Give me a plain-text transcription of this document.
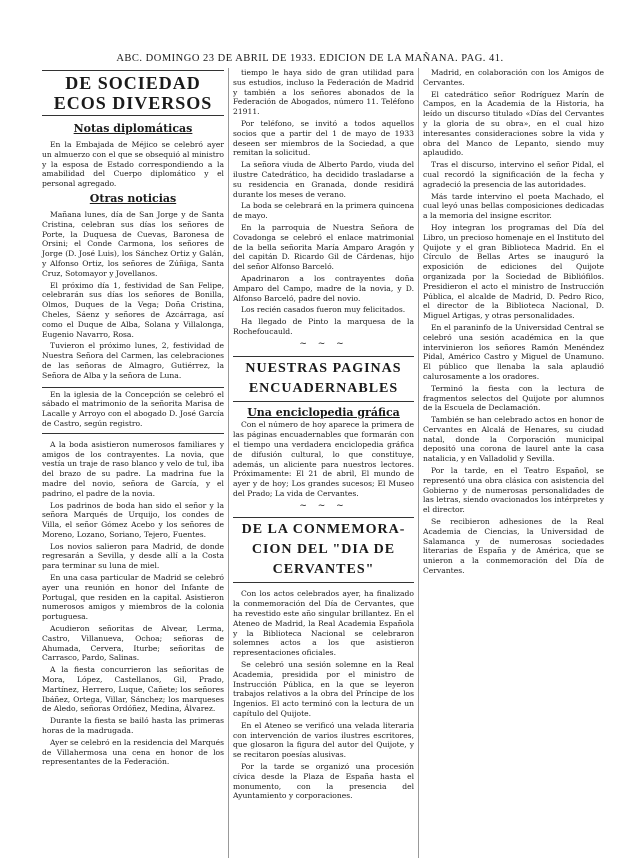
ABC. DOMINGO 23 DE ABRIL DE 1933. EDICION DE LA MAÑANA. PAG. 41.
DE SOCIEDAD
ECOS DIVERSOS
Notas diplomáticas

En la Embajada de Méjico se celebró ayer un almuerzo con el que se obsequió al ministro y la esposa de Estado correspondiendo a la amabilidad del Cuerpo diplomático y el personal agregado.

Otras noticias

Mañana lunes, día de San Jorge y de Santa Cristina, celebran sus días los señores de Porte, la Duquesa de Cuevas, Baronesa de Orsini; el Conde Carmona, los señores de Jorge (D. José Luis), los Sánchez Ortiz y Galán, y Alfonso Ortiz, los señores de Zúñiga, Santa Cruz, Sotomayor y Jovellanos.

El próximo día 1, festividad de San Felipe, celebrarán sus días los señores de Bonilla, Olmos, Duques de la Vega; Doña Cristina, Cheles, Sáenz y señores de Azcárraga, así como el Duque de Alba, Solana y Villalonga, Eugenio Navarro, Rosa.

Tuvieron el próximo lunes, 2, festividad de Nuestra Señora del Carmen, las celebraciones de las señoras de Almagro, Gutiérrez, la Señora de Alba y la señora de Luna.

En la iglesia de la Concepción se celebró el sábado el matrimonio de la señorita Marisa de Lacalle y Arroyo con el abogado D. José García de Castro, según registro.

A la boda asistieron numerosos familiares y amigos de los contrayentes. La novia, que vestía un traje de raso blanco y velo de tul, iba del brazo de su padre. La madrina fue la madre del novio, señora de García, y el padrino, el padre de la novia.

Los padrinos de boda han sido el señor y la señora Marqués de Urquijo, los condes de Villa, el señor Gómez Acebo y los señores de Moreno, Lozano, Soriano, Tejero, Fuentes.

Los novios salieron para Madrid, de donde regresarán a Sevilla, y desde allí a la Costa para terminar su luna de miel.

En una casa particular de Madrid se celebró ayer una reunión en honor del Infante de Portugal, que residen en la capital. Asistieron numerosos amigos y miembros de la colonia portuguesa.

Acudieron señoritas de Alvear, Lerma, Castro, Villanueva, Ochoa; señoras de Ahumada, Cervera, Iturbe; señoritas de Carrasco, Pardo, Salinas.

A la fiesta concurrieron las señoritas de Mora, López, Castellanos, Gil, Prado, Martínez, Herrero, Luque, Cañete; los señores Ibáñez, Ortega, Villar, Sánchez; los marqueses de Aledo, señoras Ordóñez, Medina, Álvarez.

Durante la fiesta se bailó hasta las primeras horas de la madrugada.

Ayer se celebró en la residencia del Marqués de Villahermosa una cena en honor de los representantes de la Federación.

tiempo le haya sido de gran utilidad para sus estudios, incluso la Federación de Madrid y también a los señores abonados de la Federación de Abogados, número 11. Teléfono 21911.

Por teléfono, se invitó a todos aquellos socios que a partir del 1 de mayo de 1933 deseen ser miembros de la Sociedad, a que remitan la solicitud.

La señora viuda de Alberto Pardo, viuda del ilustre Catedrático, ha decidido trasladarse a su residencia en Granada, donde residirá durante los meses de verano.

La boda se celebrará en la primera quincena de mayo.

En la parroquia de Nuestra Señora de Covadonga se celebró el enlace matrimonial de la bella señorita María Amparo Aragón y del capitán D. Ricardo Gil de Cárdenas, hijo del señor Alfonso Barceló.

Apadrinaron a los contrayentes doña Amparo del Campo, madre de la novia, y D. Alfonso Barceló, padre del novio.

Los recién casados fueron muy felicitados.

Ha llegado de Pinto la marquesa de la Rochefoucauld.

~ ~ ~
NUESTRAS PAGINAS
ENCUADERNABLES
Una enciclopedia gráfica

Con el número de hoy aparece la primera de las páginas encuadernables que formarán con el tiempo una verdadera enciclopedia gráfica de difusión cultural, lo que constituye, además, un aliciente para nuestros lectores. Próximamente: El 21 de abril, El mundo de ayer y de hoy; Los grandes sucesos; El Museo del Prado; La vida de Cervantes.

~ ~ ~
DE LA CONMEMORA-
CION DEL "DIA DE
CERVANTES"

Con los actos celebrados ayer, ha finalizado la conmemoración del Día de Cervantes, que ha revestido este año singular brillantez. En el Ateneo de Madrid, la Real Academia Española y la Biblioteca Nacional se celebraron solemnes actos a los que asistieron representaciones oficiales.

Se celebró una sesión solemne en la Real Academia, presidida por el ministro de Instrucción Pública, en la que se leyeron trabajos relativos a la obra del Príncipe de los Ingenios. El acto terminó con la lectura de un capítulo del Quijote.

En el Ateneo se verificó una velada literaria con intervención de varios ilustres escritores, que glosaron la figura del autor del Quijote, y se recitaron poesías alusivas.

Por la tarde se organizó una procesión cívica desde la Plaza de España hasta el monumento, con la presencia del Ayuntamiento y corporaciones.

Madrid, en colaboración con los Amigos de Cervantes.

El catedrático señor Rodríguez Marín de Campos, en la Academia de la Historia, ha leído un discurso titulado «Días del Cervantes y la gloria de su obra», en el cual hizo interesantes consideraciones sobre la vida y obra del Manco de Lepanto, siendo muy aplaudido.

Tras el discurso, intervino el señor Pidal, el cual recordó la significación de la fecha y agradeció la presencia de las autoridades.

Más tarde intervino el poeta Machado, el cual leyó unas bellas composiciones dedicadas a la memoria del insigne escritor.

Hoy integran los programas del Día del Libro, un precioso homenaje en el Instituto del Quijote y el gran Biblioteca Madrid. En el Círculo de Bellas Artes se inauguró la exposición de ediciones del Quijote organizada por la Sociedad de Bibliófilos. Presidieron el acto el ministro de Instrucción Pública, el alcalde de Madrid, D. Pedro Rico, el director de la Biblioteca Nacional, D. Miguel Artigas, y otras personalidades.

En el paraninfo de la Universidad Central se celebró una sesión académica en la que intervinieron los señores Ramón Menéndez Pidal, Américo Castro y Miguel de Unamuno. El público que llenaba la sala aplaudió calurosamente a los oradores.

Terminó la fiesta con la lectura de fragmentos selectos del Quijote por alumnos de la Escuela de Declamación.

También se han celebrado actos en honor de Cervantes en Alcalá de Henares, su ciudad natal, donde la Corporación municipal depositó una corona de laurel ante la casa natalicia, y en Valladolid y Sevilla.

Por la tarde, en el Teatro Español, se representó una obra clásica con asistencia del Gobierno y de numerosas personalidades de las letras, siendo ovacionados los intérpretes y el director.

Se recibieron adhesiones de la Real Academia de Ciencias, la Universidad de Salamanca y de numerosas sociedades literarias de España y de América, que se unieron a la conmemoración del Día de Cervantes.
